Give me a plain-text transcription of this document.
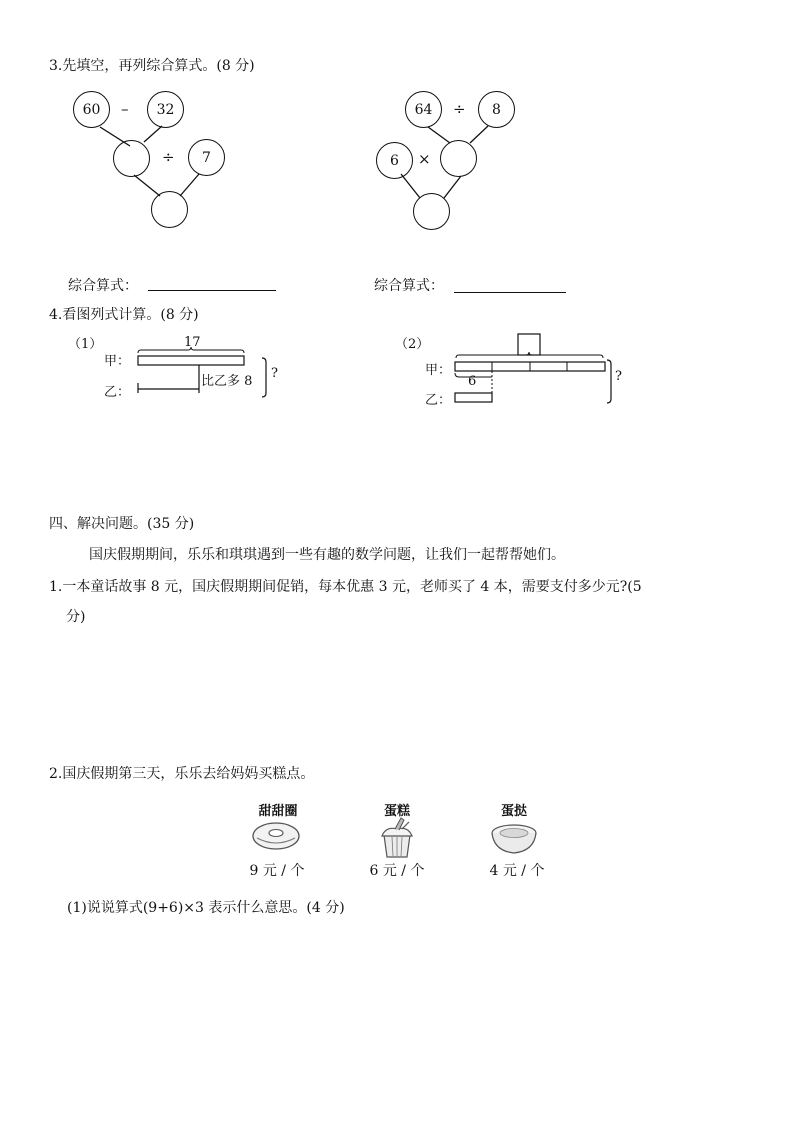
3.先填空，再列综合算式。(8 分)
60	–	32
÷	7
64	÷	8
6	×
综合算式：	综合算式：
4.看图列式计算。(8 分)
（1）	17
甲：
乙：
比乙多 8
?
（2）
甲：
乙：
6	?
四、解决问题。(35 分)
国庆假期期间，乐乐和琪琪遇到一些有趣的数学问题，让我们一起帮帮她们。
1.一本童话故事 8 元，国庆假期期间促销，每本优惠 3 元，老师买了 4 本，需要支付多少元?(5
分)
2.国庆假期第三天，乐乐去给妈妈买糕点。
甜甜圈	蛋糕	蛋挞
9 元 / 个	6 元 / 个	4 元 / 个
(1)说说算式(9+6)×3 表示什么意思。(4 分)
